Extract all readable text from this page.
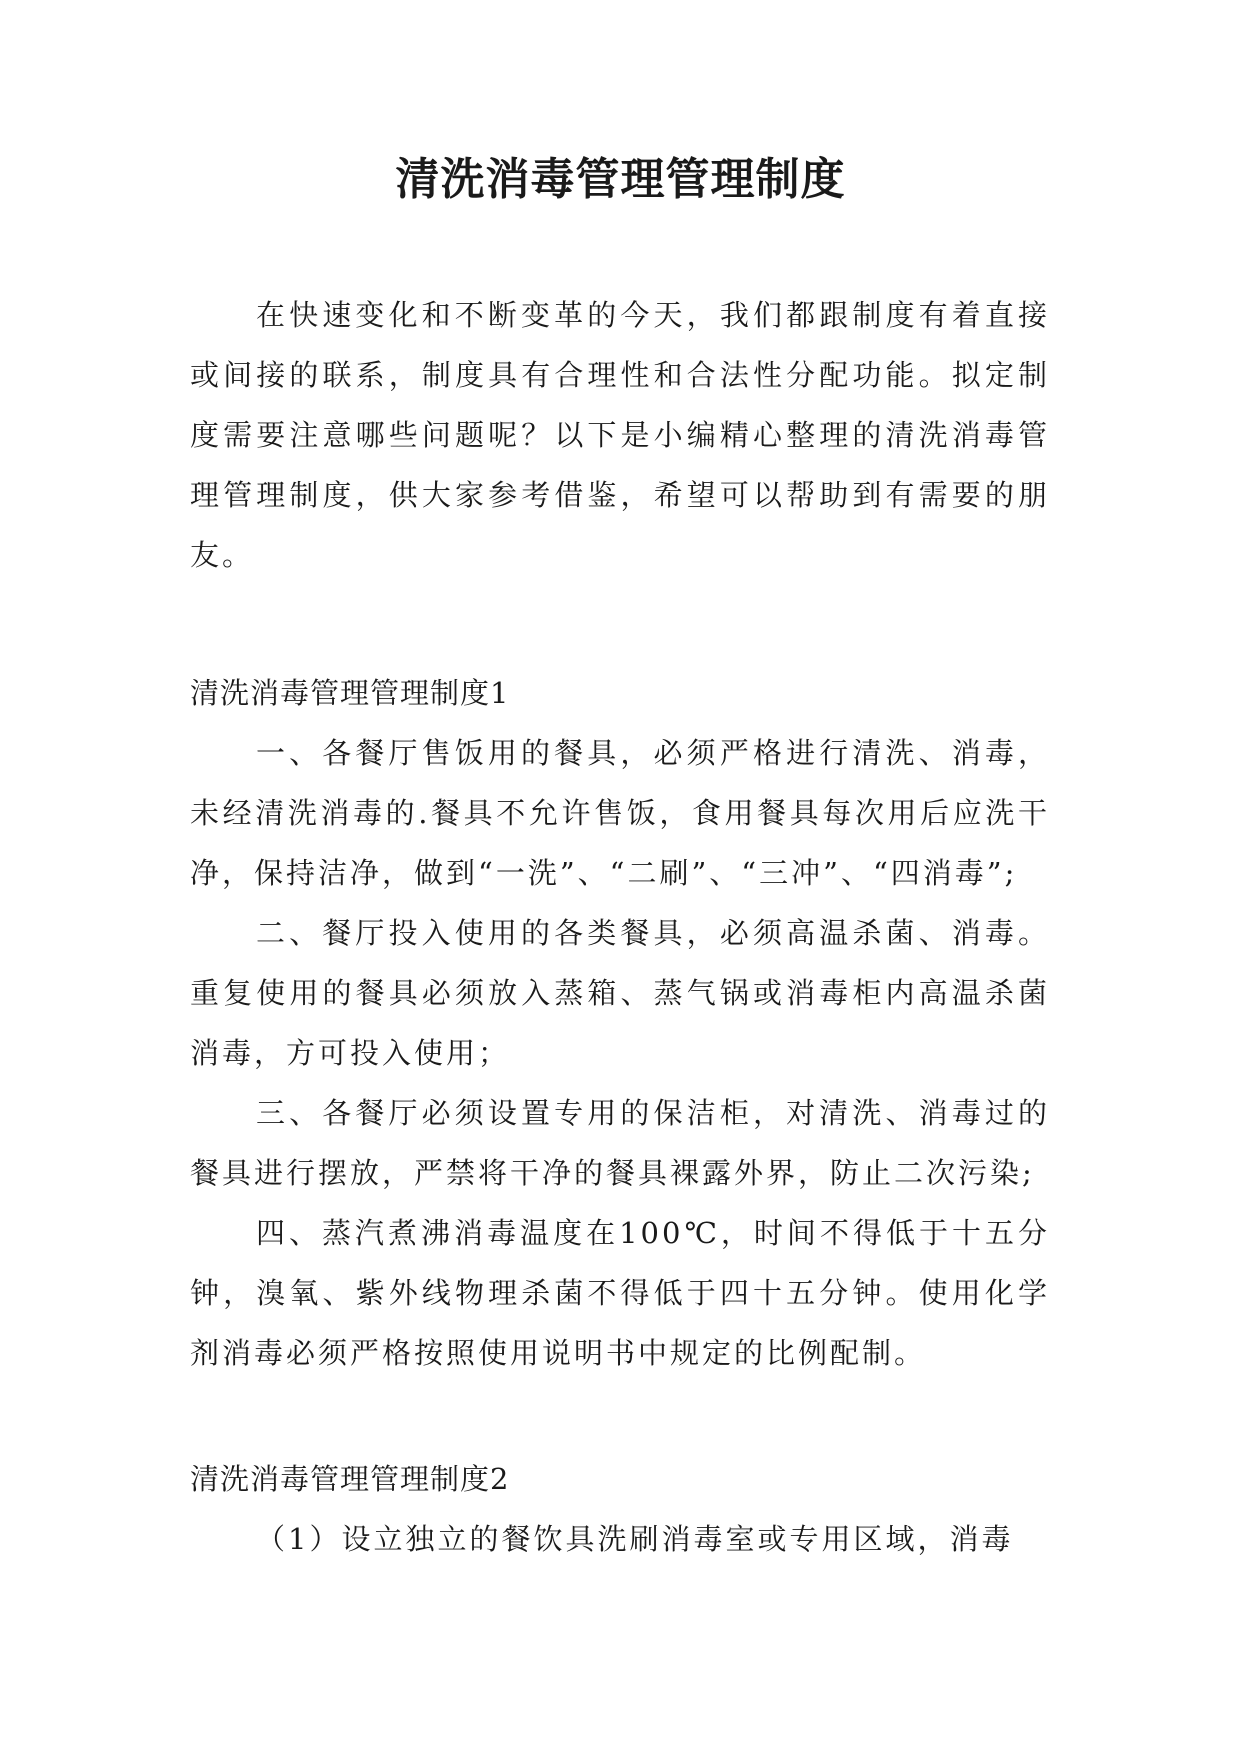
清洗消毒管理管理制度

在快速变化和不断变革的今天，我们都跟制度有着直接或间接的联系，制度具有合理性和合法性分配功能。拟定制度需要注意哪些问题呢？以下是小编精心整理的清洗消毒管理管理制度，供大家参考借鉴，希望可以帮助到有需要的朋友。

清洗消毒管理管理制度1

一、各餐厅售饭用的餐具，必须严格进行清洗、消毒，未经清洗消毒的.餐具不允许售饭，食用餐具每次用后应洗干净，保持洁净，做到“一洗”、“二刷”、“三冲”、“四消毒”;

二、餐厅投入使用的各类餐具，必须高温杀菌、消毒。重复使用的餐具必须放入蒸箱、蒸气锅或消毒柜内高温杀菌消毒，方可投入使用；

三、各餐厅必须设置专用的保洁柜，对清洗、消毒过的餐具进行摆放，严禁将干净的餐具裸露外界，防止二次污染;

四、蒸汽煮沸消毒温度在100℃，时间不得低于十五分钟，溴氧、紫外线物理杀菌不得低于四十五分钟。使用化学剂消毒必须严格按照使用说明书中规定的比例配制。

清洗消毒管理管理制度2

（1）设立独立的餐饮具洗刷消毒室或专用区域，消毒
